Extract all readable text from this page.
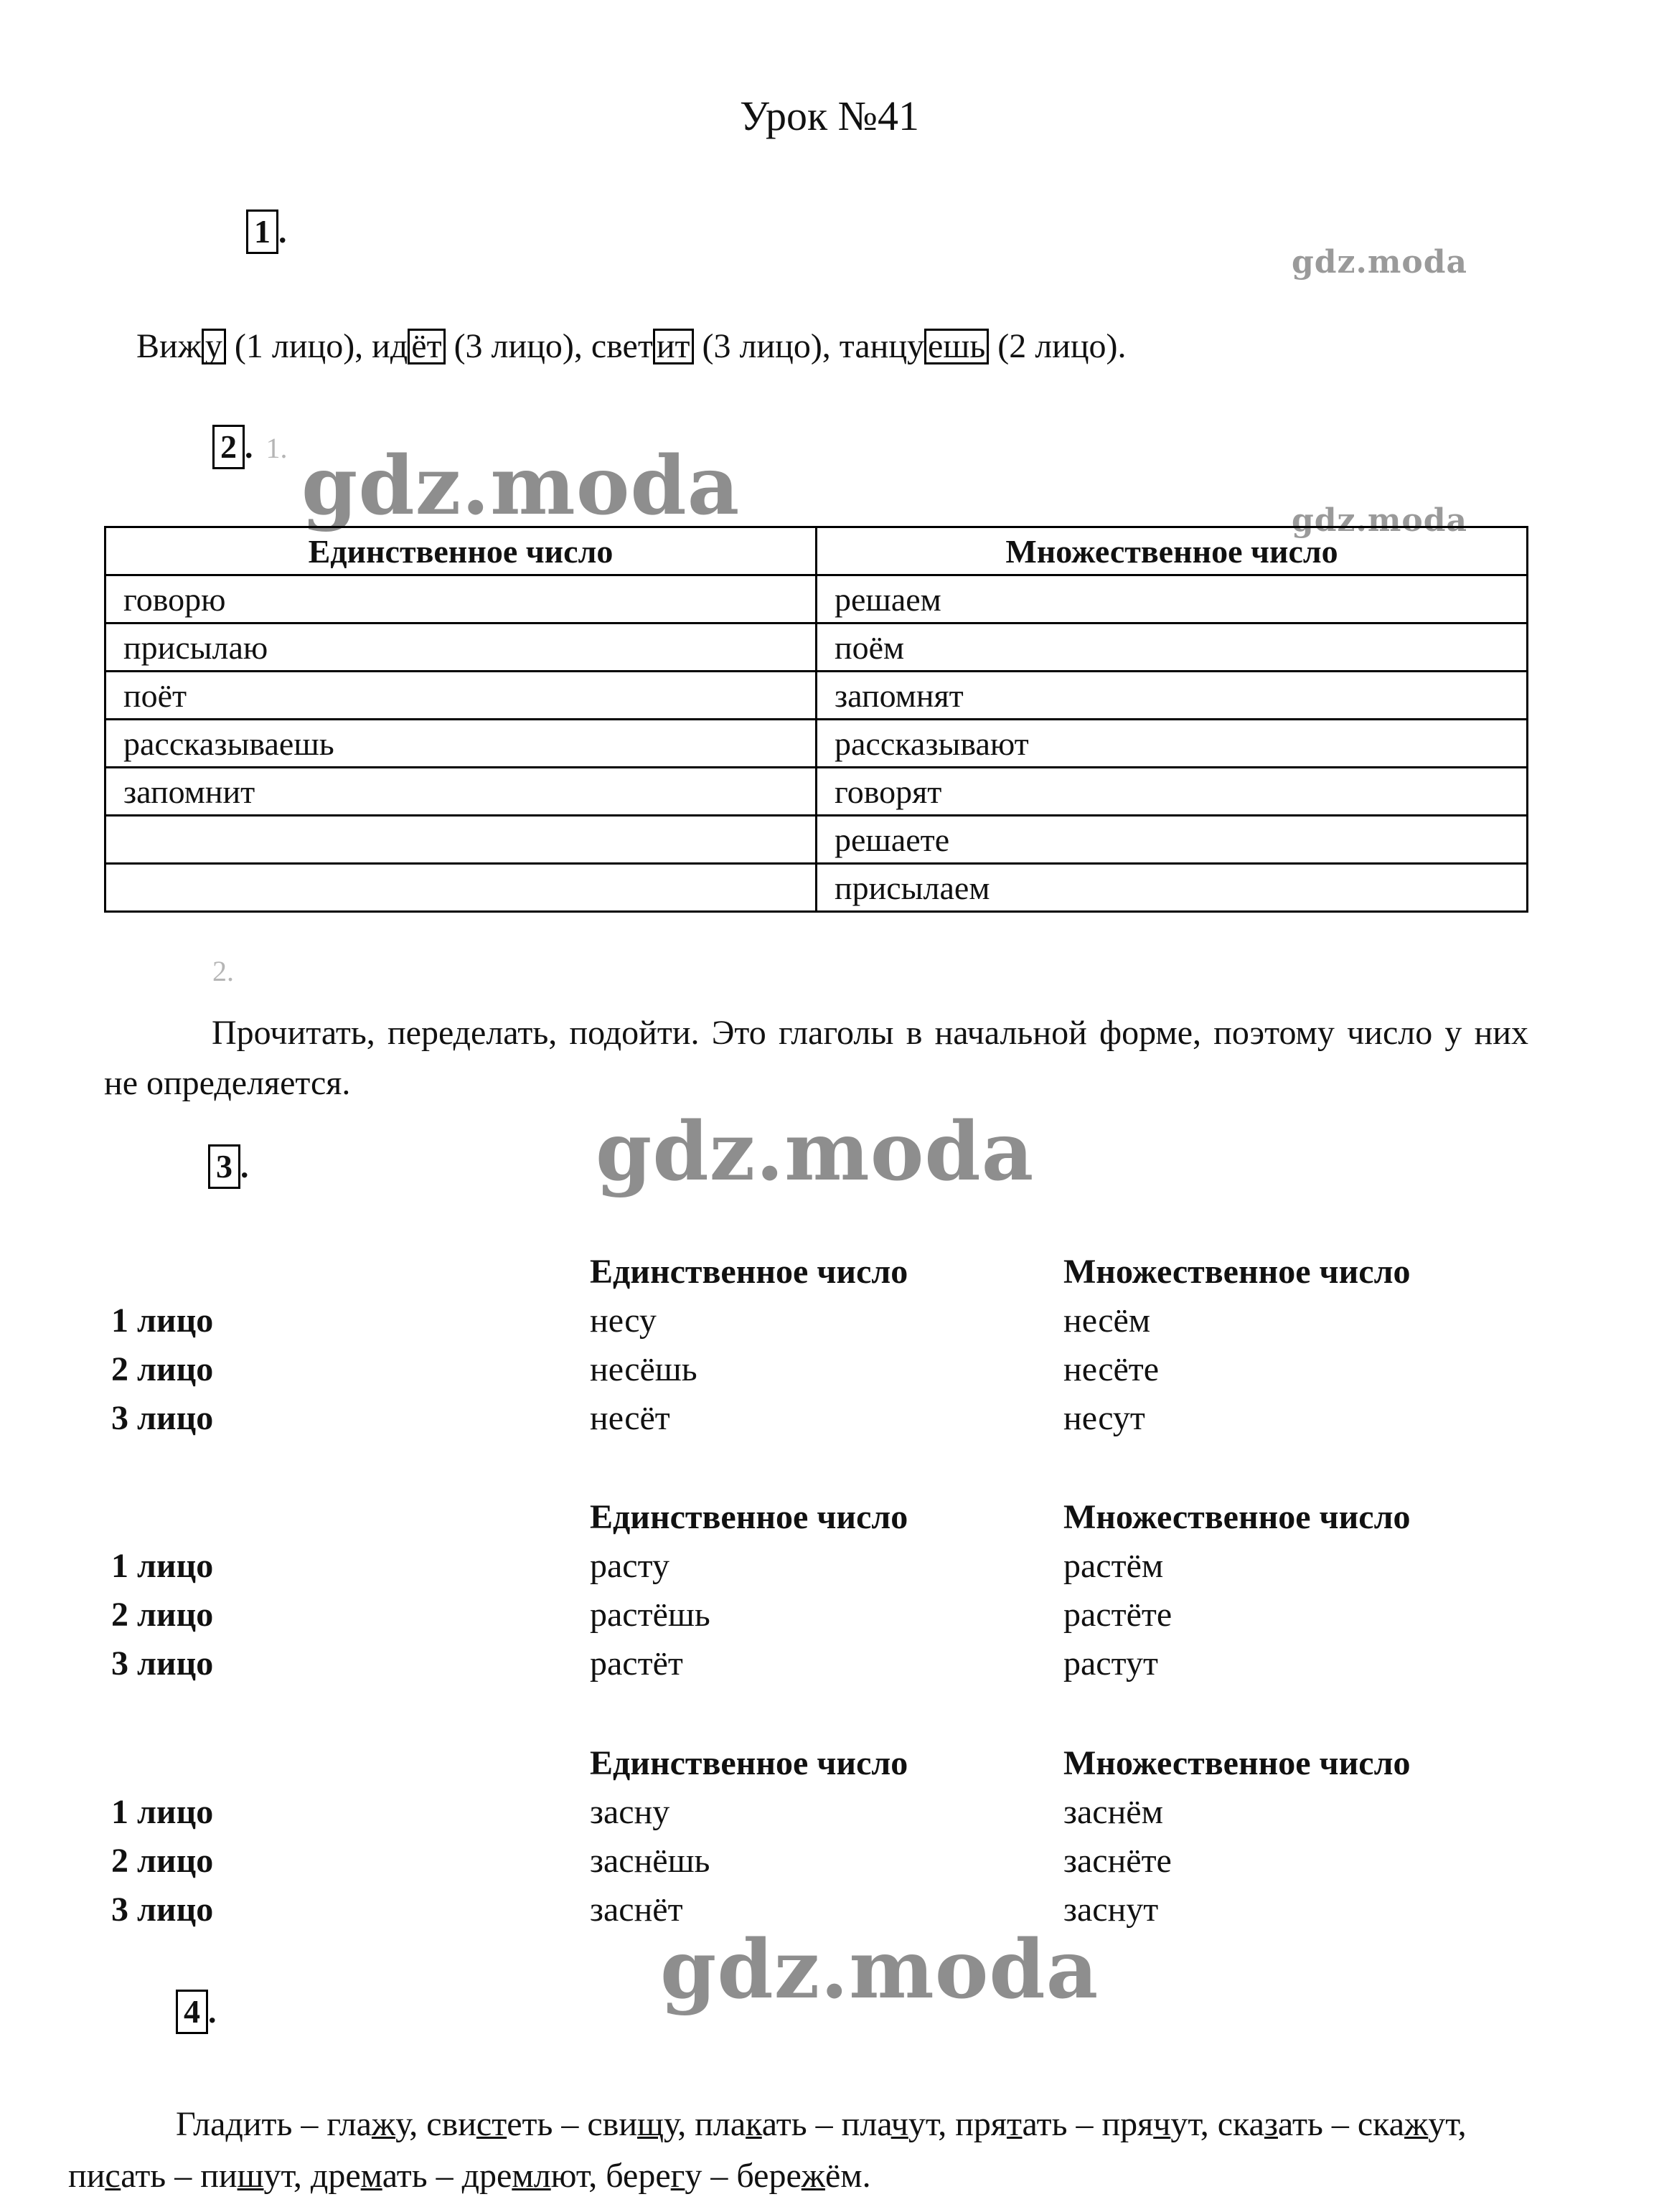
Урок №41
1 .
gdz.moda
Виж у (1 лицо), ид ёт (3 лицо), свет ит (3 лицо), танцу ешь (2 лицо).
2 . 1. gdz.moda	gdz.moda
Единственное число	Множественное число
говорю	решаем
присылаю	поём
поёт	запомнят
рассказываешь	рассказывают
запомнит	говорят
	решаете
	присылаем
2.
Прочитать, переделать, подойти. Это глаголы в начальной форме, поэтому число у них не определяется.
3 .	gdz.moda
Единственное число	Множественное число
1 лицо	несу	несём
2 лицо	несёшь	несёте
3 лицо	несёт	несут
Единственное число	Множественное число
1 лицо	расту	растём
2 лицо	растёшь	растёте
3 лицо	растёт	растут
Единственное число	Множественное число
1 лицо	засну	заснём
2 лицо	заснёшь	заснёте
3 лицо	заснёт	заснут
4 .	gdz.moda
Гладить – глажу, свистеть – свищу, плакать – плачут, прятать – прячут, сказать – скажут, писать – пишут, дремать – дремлют, берегу – бережём.
